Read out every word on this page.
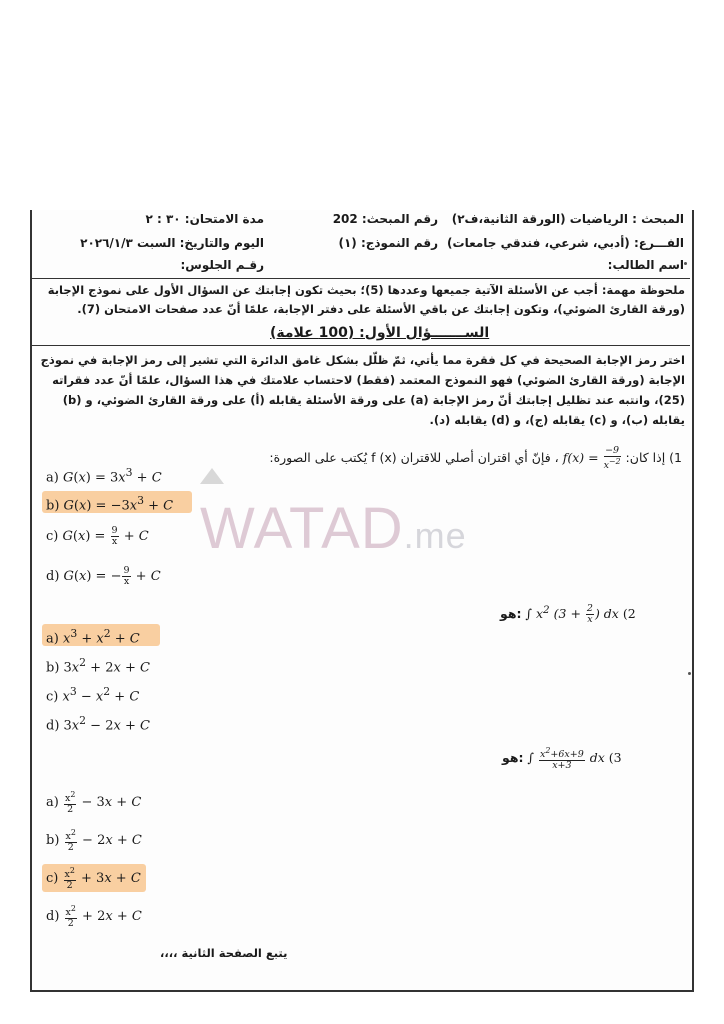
المبحث : الرياضيات (الورقة الثانية،ف٢)
الفـــرع: (أدبي، شرعي، فندقي جامعات)
اسم الطالب:
رقم المبحث: 202
رقم النموذج: (١)
مدة الامتحان: ٣٠ : ٢
اليوم والتاريخ: السبت ٢٠٢٦/١/٣
رقـم الجلوس:
ملحوظة مهمة: أجب عن الأسئلة الآتية جميعها وعددها (5)؛ بحيث تكون إجابتك عن السؤال الأول على نموذج الإجابة (ورقة القارئ الضوئي)، وتكون إجابتك عن باقي الأسئلة على دفتر الإجابة، علمًا أنّ عدد صفحات الامتحان (7).
الســـــــؤال الأول: (100 علامة)
اختر رمز الإجابة الصحيحة في كل فقرة مما يأتي، ثمّ ظلّل بشكل غامق الدائرة التي تشير إلى رمز الإجابة في نموذج الإجابة (ورقة القارئ الضوئي) فهو النموذج المعتمد (فقط) لاحتساب علامتك في هذا السؤال، علمًا أنّ عدد فقراته (25)، وانتبه عند تظليل إجابتك أنّ رمز الإجابة (a) على ورقة الأسئلة يقابله (أ) على ورقة القارئ الضوئي، و (b) يقابله (ب)، و (c) يقابله (ج)، و (d) يقابله (د).
WATAD.me
1) إذا كان: $f(x) = \frac{-9}{x^{-2}}$
، فإنّ أي اقتران أصلي للاقتران f (x) يُكتب على الصورة:
a) $G(x) = 3x^3 + C$
b) $G(x) = -3x^3 + C$
c) $G(x) = \frac{9}{x} + C$
d) G(x) = − $\frac{9}{x} + C$
هو: ∫ $x^2$ ($3 + \frac{2}{x}$ ) dx (2
a) $x^3 + x^2 + C$
b) $3x^2 + 2x + C$
c) $x^3 - x^2 + C$
d) $3x^2 - 2x + C$
هو: ∫ $\frac{x^2+6x+9}{x+3}$ dx (3
$a) \frac{x^2}{2} - 3x + C$
$b) \frac{x^2}{2} - 2x + C$
$c) \frac{x^2}{2} + 3x + C$
$d) \frac{x^2}{2} + 2x + C$
يتبع الصفحة الثانية ،،،،
